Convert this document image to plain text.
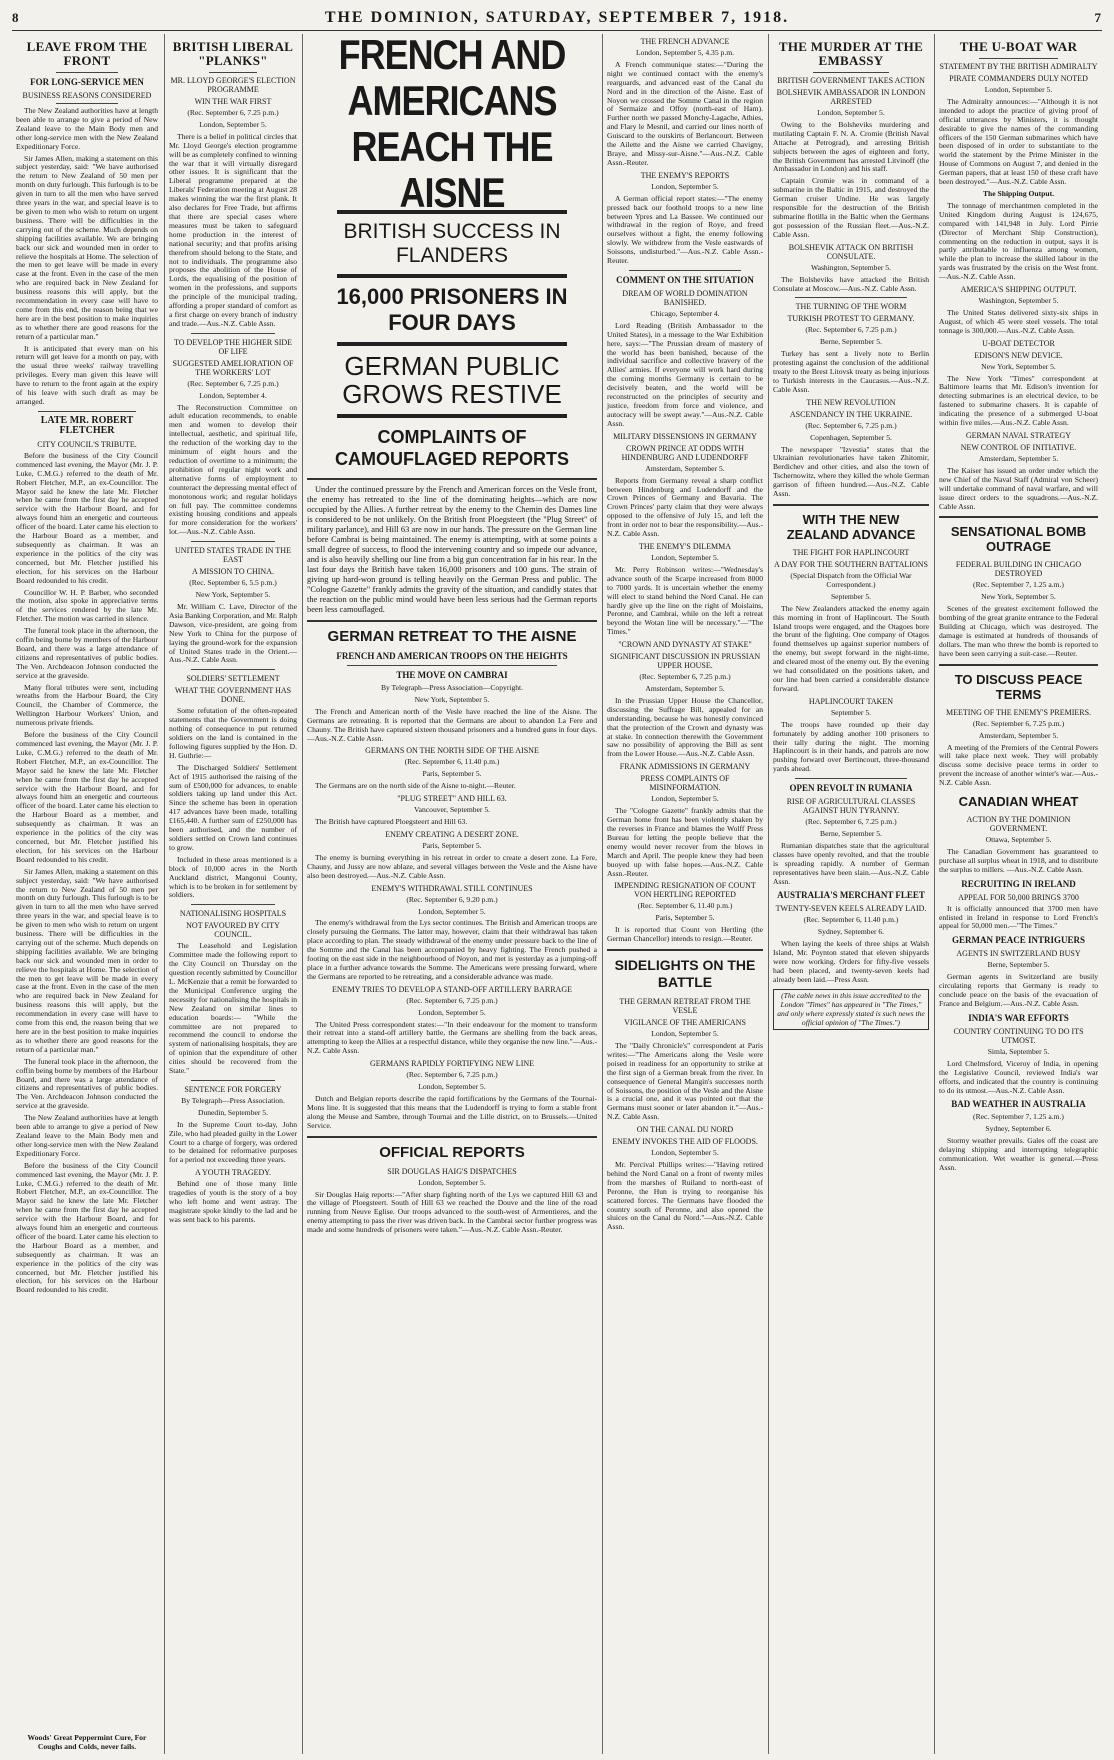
8	THE DOMINION, SATURDAY, SEPTEMBER 7, 1918.	7
LEAVE FROM THE FRONT
FOR LONG-SERVICE MEN
BUSINESS REASONS CONSIDERED

The New Zealand authorities have at length been able to arrange to give a period of New Zealand leave to the Main Body men and other long-service men with the New Zealand Expeditionary Force.

Sir James Allen, making a statement on this subject yesterday, said: "We have authorised the return to New Zealand of 50 men per month on duty furlough. This furlough is to be given in turn to all the men who have served three years in the war, and special leave is to be given to men who wish to return on urgent business. There will be difficulties in the carrying out of the scheme. Much depends on shipping facilities available. We are bringing back our sick and wounded men in order to relieve the hospitals at Home. The selection of the men to get leave will be made in every case at the front. Even in the case of the men who are required back in New Zealand for business reasons this will apply, but the recommendation in every case will have to come from this end, the reason being that we here are in the best position to make inquiries as to whether there are good reasons for the return of a particular man."

It is anticipated that every man on his return will get leave for a month on pay, with the usual three weeks' railway travelling privileges. Every man given this leave will have to return to the front again at the expiry of his leave with such draft as may be arranged.

LATE MR. ROBERT FLETCHER
CITY COUNCIL'S TRIBUTE.

Before the business of the City Council commenced last evening, the Mayor (Mr. J. P. Luke, C.M.G.) referred to the death of Mr. Robert Fletcher, M.P., an ex-Councillor. The Mayor said he knew the late Mr. Fletcher when he came from the first day he accepted service with the Harbour Board, and for always found him an energetic and courteous officer of the board. Later came his election to the Harbour Board as a member, and subsequently as chairman. It was an experience in the politics of the city was concerned, but Mr. Fletcher justified his election, for his services on the Harbour Board redounded to his credit.

Councillor W. H. P. Barber, who seconded the motion, also spoke in appreciative terms of the services rendered by the late Mr. Fletcher. The motion was carried in silence.

The funeral took place in the afternoon, the coffin being borne by members of the Harbour Board, and there was a large attendance of citizens and representatives of public bodies. The Ven. Archdeacon Johnson conducted the service at the graveside.

Many floral tributes were sent, including wreaths from the Harbour Board, the City Council, the Chamber of Commerce, the Wellington Harbour Workers' Union, and numerous private friends.

Before the business of the City Council commenced last evening, the Mayor (Mr. J. P. Luke, C.M.G.) referred to the death of Mr. Robert Fletcher, M.P., an ex-Councillor. The Mayor said he knew the late Mr. Fletcher when he came from the first day he accepted service with the Harbour Board, and for always found him an energetic and courteous officer of the board. Later came his election to the Harbour Board as a member, and subsequently as chairman. It was an experience in the politics of the city was concerned, but Mr. Fletcher justified his election, for his services on the Harbour Board redounded to his credit.

Sir James Allen, making a statement on this subject yesterday, said: "We have authorised the return to New Zealand of 50 men per month on duty furlough. This furlough is to be given in turn to all the men who have served three years in the war, and special leave is to be given to men who wish to return on urgent business. There will be difficulties in the carrying out of the scheme. Much depends on shipping facilities available. We are bringing back our sick and wounded men in order to relieve the hospitals at Home. The selection of the men to get leave will be made in every case at the front. Even in the case of the men who are required back in New Zealand for business reasons this will apply, but the recommendation in every case will have to come from this end, the reason being that we here are in the best position to make inquiries as to whether there are good reasons for the return of a particular man."

The funeral took place in the afternoon, the coffin being borne by members of the Harbour Board, and there was a large attendance of citizens and representatives of public bodies. The Ven. Archdeacon Johnson conducted the service at the graveside.

The New Zealand authorities have at length been able to arrange to give a period of New Zealand leave to the Main Body men and other long-service men with the New Zealand Expeditionary Force.

Before the business of the City Council commenced last evening, the Mayor (Mr. J. P. Luke, C.M.G.) referred to the death of Mr. Robert Fletcher, M.P., an ex-Councillor. The Mayor said he knew the late Mr. Fletcher when he came from the first day he accepted service with the Harbour Board, and for always found him an energetic and courteous officer of the board. Later came his election to the Harbour Board as a member, and subsequently as chairman. It was an experience in the politics of the city was concerned, but Mr. Fletcher justified his election, for his services on the Harbour Board redounded to his credit.

Woods' Great Peppermint Cure, For Coughs and Colds, never fails.
BRITISH LIBERAL "PLANKS"
MR. LLOYD GEORGE'S ELECTION PROGRAMME
WIN THE WAR FIRST
(Rec. September 6, 7.25 p.m.)
London, September 5.

There is a belief in political circles that Mr. Lloyd George's election programme will be as completely confined to winning the war that it will virtually disregard other issues. It is significant that the Liberal programme prepared at the Liberals' Federation meeting at August 28 makes winning the war the first plank. It also declares for Free Trade, but affirms that there are special cases where measures must be taken to safeguard home production in the interest of national security; and that profits arising therefrom should belong to the State, and not to individuals. The programme also proposes the abolition of the House of Lords, the equalising of the position of women in the professions, and supports the principle of the municipal trading, affording a proper standard of comfort as a first charge on every branch of industry and trade.—Aus.-N.Z. Cable Assn.

TO DEVELOP THE HIGHER SIDE OF LIFE
SUGGESTED AMELIORATION OF THE WORKERS' LOT
(Rec. September 6, 7.25 p.m.)
London, September 4.

The Reconstruction Committee on adult education recommends, to enable men and women to develop their intellectual, aesthetic, and spiritual life, the reduction of the working day to the minimum of eight hours and the reduction of overtime to a minimum; the prohibition of regular night work and alternative forms of employment to counteract the depressing mental effect of monotonous work; and regular holidays on full pay. The committee condemns existing housing conditions and appeals for more consideration for the workers' lot.—Aus.-N.Z. Cable Assn.

UNITED STATES TRADE IN THE EAST
A MISSION TO CHINA.
(Rec. September 6, 5.5 p.m.)
New York, September 5.

Mr. William C. Lave, Director of the Asia Banking Corporation, and Mr. Ralph Dawson, vice-president, are going from New York to China for the purpose of laying the ground-work for the expansion of United States trade in the Orient.—Aus.-N.Z. Cable Assn.

SOLDIERS' SETTLEMENT
WHAT THE GOVERNMENT HAS DONE.

Some refutation of the often-repeated statements that the Government is doing nothing of consequence to put returned soldiers on the land is contained in the following figures supplied by the Hon. D. H. Guthrie:—

The Discharged Soldiers' Settlement Act of 1915 authorised the raising of the sum of £500,000 for advances, to enable soldiers taking up land under this Act. Since the scheme has been in operation 417 advances have been made, totalling £165,440. A further sum of £250,000 has been authorised, and the number of soldiers settled on Crown land continues to grow.

Included in these areas mentioned is a block of 10,000 acres in the North Auckland district, Mangonui County, which is to be broken in for settlement by soldiers.

NATIONALISING HOSPITALS
NOT FAVOURED BY CITY COUNCIL.

The Leasehold and Legislation Committee made the following report to the City Council on Thursday on the question recently submitted by Councillor L. McKenzie that a remit be forwarded to the Municipal Conference urging the necessity for nationalising the hospitals in New Zealand on similar lines to education boards:— "While the committee are not prepared to recommend the council to endorse the system of nationalising hospitals, they are of opinion that the expenditure of other cities should be recovered from the State."

SENTENCE FOR FORGERY
By Telegraph—Press Association.
Dunedin, September 5.

In the Supreme Court to-day, John Zile, who had pleaded guilty in the Lower Court to a charge of forgery, was ordered to be detained for reformative purposes for a period not exceeding three years.

A YOUTH TRAGEDY.

Behind one of those many little tragedies of youth is the story of a boy who left home and went astray. The magistrate spoke kindly to the lad and he was sent back to his parents.

FRENCH AND AMERICANS REACH THE AISNE
BRITISH SUCCESS IN FLANDERS
16,000 PRISONERS IN FOUR DAYS
GERMAN PUBLIC GROWS RESTIVE
COMPLAINTS OF CAMOUFLAGED REPORTS

Under the continued pressure by the French and American forces on the Vesle front, the enemy has retreated to the line of the dominating heights—which are now occupied by the Allies. A further retreat by the enemy to the Chemin des Dames line is considered to be not unlikely. On the British front Ploegsteert (the "Plug Street" of military parlance), and Hill 63 are now in our hands. The pressure on the German line before Cambrai is being maintained. The enemy is attempting, with at some points a small degree of success, to flood the intervening country and so impede our advance, and is also heavily shelling our line from a big gun concentration far in his rear. In the last four days the British have taken 16,000 prisoners and 100 guns. The strain of giving up hard-won ground is telling heavily on the German Press and public. The "Cologne Gazette" frankly admits the gravity of the situation, and candidly states that the reaction on the public mind would have been less serious had the German reports been less camouflaged.

GERMAN RETREAT TO THE AISNE
FRENCH AND AMERICAN TROOPS ON THE HEIGHTS
THE MOVE ON CAMBRAI
By Telegraph—Press Association—Copyright.
New York, September 5.

The French and American north of the Vesle have reached the line of the Aisne. The Germans are retreating. It is reported that the Germans are about to abandon La Fere and Chauny. The British have captured sixteen thousand prisoners and a hundred guns in four days.—Aus.-N.Z. Cable Assn.

GERMANS ON THE NORTH SIDE OF THE AISNE
(Rec. September 6, 11.40 p.m.)
Paris, September 5.

The Germans are on the north side of the Aisne to-night.—Reuter.

"PLUG STREET" AND HILL 63.
Vancouver, September 5.

The British have captured Ploegsteert and Hill 63.

ENEMY CREATING A DESERT ZONE.
Paris, September 5.

The enemy is burning everything in his retreat in order to create a desert zone. La Fere, Chauny, and Jussy are now ablaze, and several villages between the Vesle and the Aisne have also been destroyed.—Aus.-N.Z. Cable Assn.

ENEMY'S WITHDRAWAL STILL CONTINUES
(Rec. September 6, 9.20 p.m.)
London, September 5.

The enemy's withdrawal from the Lys sector continues. The British and American troops are closely pursuing the Germans. The latter may, however, claim that their withdrawal has taken place according to plan. The steady withdrawal of the enemy under pressure back to the line of the Somme and the Canal has been accompanied by heavy fighting. The French pushed a footing on the east side in the neighbourhood of Noyon, and met is yesterday as a jumping-off place in a further advance towards the Somme. The Americans were pressing forward, where the Germans are reported to be retreating, and a considerable advance was made.

ENEMY TRIES TO DEVELOP A STAND-OFF ARTILLERY BARRAGE
(Rec. September 6, 7.25 p.m.)
London, September 5.

The United Press correspondent states:—"In their endeavour for the moment to transform their retreat into a stand-off artillery battle, the Germans are shelling from the back areas, attempting to keep the Allies at a respectful distance, while they organise the new line."—Aus.-N.Z. Cable Assn.

GERMANS RAPIDLY FORTIFYING NEW LINE
(Rec. September 6, 7.25 p.m.)
London, September 5.

Dutch and Belgian reports describe the rapid fortifications by the Germans of the Tournai-Mons line. It is suggested that this means that the Ludendorff is trying to form a stable front along the Meuse and Sambre, through Tournai and the Lille district, on to Brussels.—United Service.

OFFICIAL REPORTS
SIR DOUGLAS HAIG'S DISPATCHES
London, September 5.

Sir Douglas Haig reports:—"After sharp fighting north of the Lys we captured Hill 63 and the village of Ploegsteert. South of Hill 63 we reached the Douve and the line of the road running from Neuve Eglise. Our troops advanced to the south-west of Armentieres, and the enemy attempting to pass the river was driven back. In the Cambrai sector further progress was made and some hundreds of prisoners were taken."—Aus.-N.Z. Cable Assn.-Reuter.

THE FRENCH ADVANCE
London, September 5, 4.35 p.m.

A French communique states:—"During the night we continued contact with the enemy's rearguards, and advanced east of the Canal du Nord and in the direction of the Aisne. East of Noyon we crossed the Somme Canal in the region of Sermaize and Offoy (north-east of Ham). Further north we passed Monchy-Lagache, Athies, and Flary le Mesnil, and carried our lines north of Guiscard to the outskirts of Berlancourt. Between the Ailette and the Aisne we carried Chavigny, Braye, and Missy-sur-Aisne."—Aus.-N.Z. Cable Assn.-Reuter.

THE ENEMY'S REPORTS
London, September 5.

A German official report states:—"The enemy pressed back our foothold troops to a new line between Ypres and La Bassee. We continued our withdrawal in the region of Roye, and freed ourselves without a fight, the enemy following slowly. We withdrew from the Vesle eastwards of Soissons, undisturbed."—Aus.-N.Z. Cable Assn.-Reuter.

COMMENT ON THE SITUATION
DREAM OF WORLD DOMINATION BANISHED.
Chicago, September 4.

Lord Reading (British Ambassador to the United States), in a message to the War Exhibition here, says:—"The Prussian dream of mastery of the world has been banished, because of the individual sacrifice and collective bravery of the Allies' armies. If everyone will work hard during the coming months Germany is certain to be decisively beaten, and the world will be reconstructed on the principles of security and justice, freedom from force and violence, and autocracy will be swept away."—Aus.-N.Z. Cable Assn.

MILITARY DISSENSIONS IN GERMANY
CROWN PRINCE AT ODDS WITH HINDENBURG AND LUDENDORFF
Amsterdam, September 5.

Reports from Germany reveal a sharp conflict between Hindenburg and Ludendorff and the Crown Princes of Germany and Bavaria. The Crown Princes' party claim that they were always opposed to the offensive of July 15, and left the front in order not to bear the responsibility.—Aus.-N.Z. Cable Assn.

THE ENEMY'S DILEMMA
London, September 5.

Mr. Perry Robinson writes:—"Wednesday's advance south of the Scarpe increased from 8000 to 7000 yards. It is uncertain whether the enemy will elect to stand behind the Nord Canal. He can hardly give up the line on the right of Moislains, Peronne, and Cambrai, while on the left a retreat beyond the Wotan line will be necessary."—"The Times."

"CROWN AND DYNASTY AT STAKE"
SIGNIFICANT DISCUSSION IN PRUSSIAN UPPER HOUSE.
(Rec. September 6, 7.25 p.m.)
Amsterdam, September 5.

In the Prussian Upper House the Chancellor, discussing the Suffrage Bill, appealed for an understanding, because he was honestly convinced that the protection of the Crown and dynasty was at stake. In connection therewith the Government saw no possibility of approving the Bill as sent from the Lower House.—Aus.-N.Z. Cable Assn.

FRANK ADMISSIONS IN GERMANY
PRESS COMPLAINTS OF MISINFORMATION.
London, September 5.

The "Cologne Gazette" frankly admits that the German home front has been violently shaken by the reverses in France and blames the Wolff Press Bureau for letting the people believe that the enemy would never recover from the blows in March and April. The people knew they had been buoyed up with false hopes.—Aus.-N.Z. Cable Assn.-Reuter.

IMPENDING RESIGNATION OF COUNT VON HERTLING REPORTED
(Rec. September 6, 11.40 p.m.)
Paris, September 5.

It is reported that Count von Hertling (the German Chancellor) intends to resign.—Reuter.

SIDELIGHTS ON THE BATTLE
THE GERMAN RETREAT FROM THE VESLE
VIGILANCE OF THE AMERICANS
London, September 5.

The "Daily Chronicle's" correspondent at Paris writes:—"The Americans along the Vesle were poised in readiness for an opportunity to strike at the first sign of a German break from the river. In consequence of General Mangin's successes north of Soissons, the position of the Vesle and the Aisne is a crucial one, and it was pointed out that the Germans must sooner or later abandon it."—Aus.-N.Z. Cable Assn.

ON THE CANAL DU NORD
ENEMY INVOKES THE AID OF FLOODS.
London, September 5.

Mr. Percival Phillips writes:—"Having retired behind the Nord Canal on a front of twenty miles from the marshes of Ruiland to north-east of Peronne, the Hun is trying to reorganise his scattered forces. The Germans have flooded the country south of Peronne, and also opened the sluices on the Canal du Nord."—Aus.-N.Z. Cable Assn.

THE MURDER AT THE EMBASSY
BRITISH GOVERNMENT TAKES ACTION
BOLSHEVIK AMBASSADOR IN LONDON ARRESTED
London, September 5.

Owing to the Bolsheviks murdering and mutilating Captain F. N. A. Cromie (British Naval Attache at Petrograd), and arresting British subjects between the ages of eighteen and forty, the British Government has arrested Litvinoff (the Ambassador in London) and his staff.

Captain Cromie was in command of a submarine in the Baltic in 1915, and destroyed the German cruiser Undine. He was largely responsible for the destruction of the British submarine flotilla in the Baltic when the Germans got possession of the Russian fleet.—Aus.-N.Z. Cable Assn.

BOLSHEVIK ATTACK ON BRITISH CONSULATE.
Washington, September 5.

The Bolsheviks have attacked the British Consulate at Moscow.—Aus.-N.Z. Cable Assn.

THE TURNING OF THE WORM
TURKISH PROTEST TO GERMANY.
(Rec. September 6, 7.25 p.m.)
Berne, September 5.

Turkey has sent a lively note to Berlin protesting against the conclusion of the additional treaty to the Brest Litovsk treaty as being injurious to Turkish interests in the Caucasus.—Aus.-N.Z. Cable Assn.

THE NEW REVOLUTION
ASCENDANCY IN THE UKRAINE.
(Rec. September 6, 7.25 p.m.)
Copenhagen, September 5.

The newspaper "Izvestia" states that the Ukrainian revolutionaries have taken Zhitomir, Berdichev and other cities, and also the town of Tschernowitz, where they killed the whole German garrison of fifteen hundred.—Aus.-N.Z. Cable Assn.

WITH THE NEW ZEALAND ADVANCE
THE FIGHT FOR HAPLINCOURT
A DAY FOR THE SOUTHERN BATTALIONS
(Special Dispatch from the Official War Correspondent.)
September 5.

The New Zealanders attacked the enemy again this morning in front of Haplincourt. The South Island troops were engaged, and the Otagoes bore the brunt of the fighting. One company of Otagos found themselves up against superior numbers of the enemy, but swept forward in the night-time, and cleared most of the enemy out. By the evening we had consolidated on the positions taken, and our line had been carried a considerable distance forward.

HAPLINCOURT TAKEN
September 5.

The troops have rounded up their day fortunately by adding another 100 prisoners to their tally during the night. The morning Haplincourt is in their hands, and patrols are now pushing forward over Bertincourt, three-thousand yards ahead.

OPEN REVOLT IN RUMANIA
RISE OF AGRICULTURAL CLASSES AGAINST HUN TYRANNY.
(Rec. September 6, 7.25 p.m.)
Berne, September 5.

Rumanian dispatches state that the agricultural classes have openly revolted, and that the trouble is spreading rapidly. A number of German representatives have been slain.—Aus.-N.Z. Cable Assn.

AUSTRALIA'S MERCHANT FLEET
TWENTY-SEVEN KEELS ALREADY LAID.
(Rec. September 6, 11.40 p.m.)
Sydney, September 6.

When laying the keels of three ships at Walsh Island, Mr. Poynton stated that eleven shipyards were now working. Orders for fifty-five vessels had been placed, and twenty-seven keels had already been laid.—Press Assn.

(The cable news in this issue accredited to the London "Times" has appeared in "The Times," and only where expressly stated is such news the official opinion of "The Times.")
THE U-BOAT WAR
STATEMENT BY THE BRITISH ADMIRALTY
PIRATE COMMANDERS DULY NOTED
London, September 5.

The Admiralty announces:—"Although it is not intended to adopt the practice of giving proof of official utterances by Ministers, it is thought desirable to give the names of the commanding officers of the 150 German submarines which have been disposed of in order to substantiate to the world the statement by the Prime Minister in the House of Commons on August 7, and denied in the German papers, that at least 150 of these craft have been destroyed."—Aus.-N.Z. Cable Assn.

The Shipping Output.

The tonnage of merchantmen completed in the United Kingdom during August is 124,675, compared with 141,948 in July. Lord Pirrie (Director of Merchant Ship Construction), commenting on the reduction in output, says it is partly attributable to influenza among women, while the plan to increase the skilled labour in the yards was frustrated by the crisis on the West front.—Aus.-N.Z. Cable Assn.

AMERICA'S SHIPPING OUTPUT.
Washington, September 5.

The United States delivered sixty-six ships in August, of which 45 were steel vessels. The total tonnage is 300,000.—Aus.-N.Z. Cable Assn.

U-BOAT DETECTOR
EDISON'S NEW DEVICE.
New York, September 5.

The New York "Times" correspondent at Baltimore learns that Mr. Edison's invention for detecting submarines is an electrical device, to be fastened to submarine chasers. It is capable of indicating the presence of a submerged U-boat within five miles.—Aus.-N.Z. Cable Assn.

GERMAN NAVAL STRATEGY
NEW CONTROL OF INITIATIVE.
Amsterdam, September 5.

The Kaiser has issued an order under which the new Chief of the Naval Staff (Admiral von Scheer) will undertake command of naval warfare, and will issue direct orders to the squadrons.—Aus.-N.Z. Cable Assn.

SENSATIONAL BOMB OUTRAGE
FEDERAL BUILDING IN CHICAGO DESTROYED
(Rec. September 7, 1.25 a.m.)
New York, September 5.

Scenes of the greatest excitement followed the bombing of the great granite entrance to the Federal Building at Chicago, which was destroyed. The damage is estimated at hundreds of thousands of dollars. The man who threw the bomb is reported to have been seen carrying a suit-case.—Reuter.

TO DISCUSS PEACE TERMS
MEETING OF THE ENEMY'S PREMIERS.
(Rec. September 6, 7.25 p.m.)
Amsterdam, September 5.

A meeting of the Premiers of the Central Powers will take place next week. They will probably discuss some decisive peace terms in order to prevent the increase of another winter's war.—Aus.-N.Z. Cable Assn.

CANADIAN WHEAT
ACTION BY THE DOMINION GOVERNMENT.
Ottawa, September 5.

The Canadian Government has guaranteed to purchase all surplus wheat in 1918, and to distribute the surplus to millers. —Aus.-N.Z. Cable Assn.

RECRUITING IN IRELAND
APPEAL FOR 50,000 BRINGS 3700

It is officially announced that 3700 men have enlisted in Ireland in response to Lord French's appeal for 50,000 men.—"The Times."

GERMAN PEACE INTRIGUERS
AGENTS IN SWITZERLAND BUSY
Berne, September 5.

German agents in Switzerland are busily circulating reports that Germany is ready to conclude peace on the basis of the evacuation of France and Belgium.—Aus.-N.Z. Cable Assn.

INDIA'S WAR EFFORTS
COUNTRY CONTINUING TO DO ITS UTMOST.
Simla, September 5.

Lord Chelmsford, Viceroy of India, in opening the Legislative Council, reviewed India's war efforts, and indicated that the country is continuing to do its utmost.—Aus.-N.Z. Cable Assn.

BAD WEATHER IN AUSTRALIA
(Rec. September 7, 1.25 a.m.)
Sydney, September 6.

Stormy weather prevails. Gales off the coast are delaying shipping and interrupting telegraphic communication. Wet weather is general.—Press Assn.
